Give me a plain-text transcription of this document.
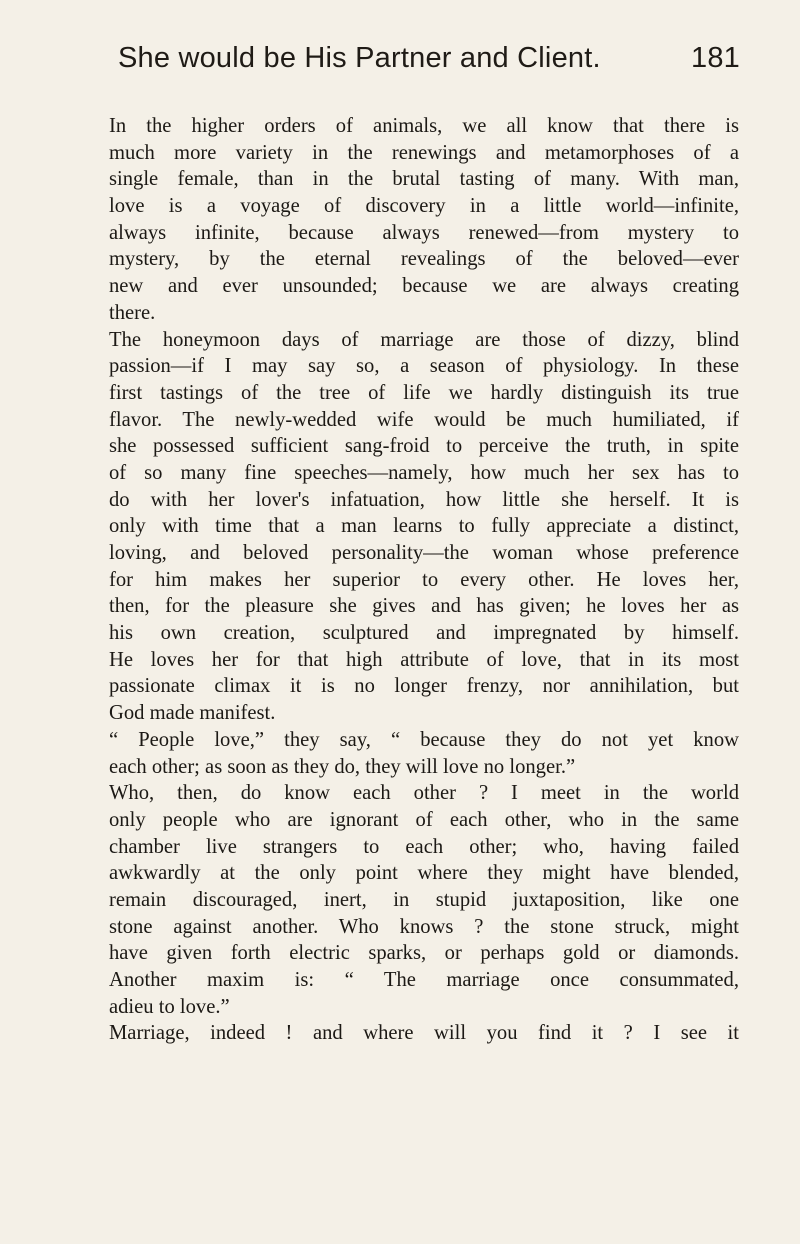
She would be His Partner and Client.	181
In the higher orders of animals, we all know that there is
much more variety in the renewings and metamorphoses of a
single female, than in the brutal tasting of many. With man,
love is a voyage of discovery in a little world—infinite,
always infinite, because always renewed—from mystery to
mystery, by the eternal revealings of the beloved—ever
new and ever unsounded; because we are always creating
there.
The honeymoon days of marriage are those of dizzy, blind
passion—if I may say so, a season of physiology. In these
first tastings of the tree of life we hardly distinguish its true
flavor. The newly-wedded wife would be much humiliated, if
she possessed sufficient sang-froid to perceive the truth, in spite
of so many fine speeches—namely, how much her sex has to
do with her lover's infatuation, how little she herself. It is
only with time that a man learns to fully appreciate a distinct,
loving, and beloved personality—the woman whose preference
for him makes her superior to every other. He loves her,
then, for the pleasure she gives and has given; he loves her as
his own creation, sculptured and impregnated by himself.
He loves her for that high attribute of love, that in its most
passionate climax it is no longer frenzy, nor annihilation, but
God made manifest.
“ People love,” they say, “ because they do not yet know
each other; as soon as they do, they will love no longer.”
Who, then, do know each other ? I meet in the world
only people who are ignorant of each other, who in the same
chamber live strangers to each other; who, having failed
awkwardly at the only point where they might have blended,
remain discouraged, inert, in stupid juxtaposition, like one
stone against another. Who knows ? the stone struck, might
have given forth electric sparks, or perhaps gold or diamonds.
Another maxim is: “ The marriage once consummated,
adieu to love.”
Marriage, indeed ! and where will you find it ? I see it
